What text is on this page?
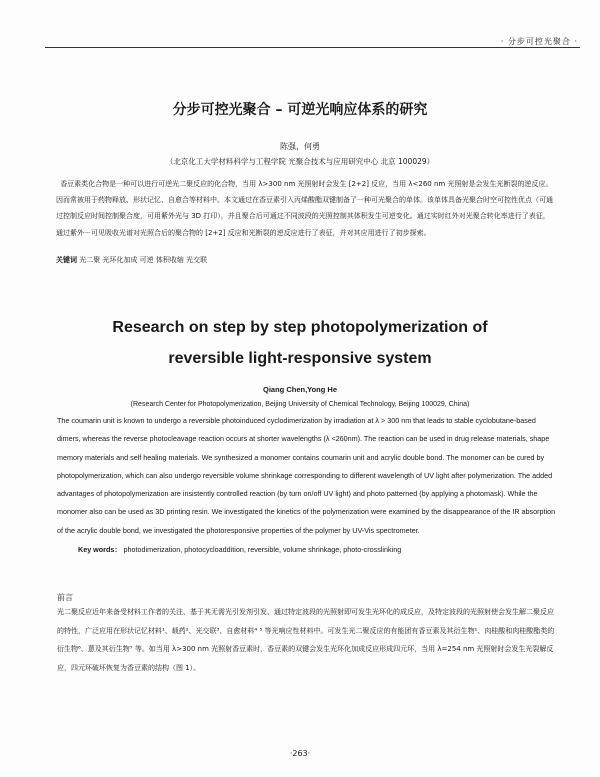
· 分步可控光聚合 ·
分步可控光聚合 – 可逆光响应体系的研究
陈强，何勇
（北京化工大学材料科学与工程学院 光聚合技术与应用研究中心 北京 100029）

香豆素类化合物是一种可以进行可逆光二聚反应的化合物，当用 λ>300 nm 光照射时会发生 [2+2] 反应，当用 λ<260 nm 光照射是会发生光断裂的逆反应。因而常被用于药物释放、形状记忆、自愈合等材料中。本文通过在香豆素引入丙烯酸酯双键制备了一种可光聚合的单体。该单体具备光聚合时空可控性优点（可通过控制反应时间控制聚合度，可用紫外光与 3D 打印），并且聚合后可通过不同波段的光照控制其体积发生可逆变化。通过实时红外对光聚合转化率进行了表征，通过紫外－可见吸收光谱对光照合后的聚合物的 [2+2] 反应和光断裂的逆反应进行了表征，并对其应用进行了初步探索。

关键词 光二聚 光环化加成 可逆 体积收缩 光交联

Research on step by step photopolymerization of reversible light-responsive system
Qiang Chen,Yong He
(Research Center for Photopolymerization, Beijing University of Chemical Technology, Beijing 100029, China)

The coumarin unit is known to undergo a reversible photoinduced cyclodimerization by irradiation at λ > 300 nm that leads to stable cyclobutane-based dimers, whereas the reverse photocleavage reaction occurs at shorter wavelengths (λ <260nm). The reaction can be used in drug release materials, shape memory materials and self healing materials. We synthesized a monomer contains coumarin unit and acrylic double bond. The monomer can be cured by photopolymerization, which can also undergo reversible volume shrinkage corresponding to different wavelength of UV light after polymerization. The added advantages of photopolymerization are insistently controlled reaction (by turn on/off UV light) and photo patterned (by applying a photomask). While the monomer also can be used as 3D printing resin. We investigated the kinetics of the polymerization were examined by the disappearance of the IR absorption of the acrylic double bond, we investigated the photoresponsive properties of the polymer by UV-Vis spectrometer.

Key words： photodimerization, photocycloaddition, reversible, volume shrinkage, photo-crosslinking

前言

光二聚反应近年来备受材料工作者的关注，基于其无需光引发剂引发、通过特定波段的光照射即可发生光环化的成反应，及特定波段的光照射使会发生解二聚反应的特性，广泛应用在形状记忆材料¹、载药²、光交联³、自愈材料⁴ ⁵ 等光响应性材料中。可发生光二聚反应的有能团有香豆素及其衍生物¹、肉桂酸和肉桂酸酯类的衍生物⁶、蒽及其衍生物⁷ 等。如当用 λ>300 nm 光照射香豆素时，香豆素的双键会发生光环化加成反应形成四元环，当用 λ=254 nm 光照射时会发生光裂解反应，四元环破坏恢复为香豆素的结构（图 1）。

·263·
